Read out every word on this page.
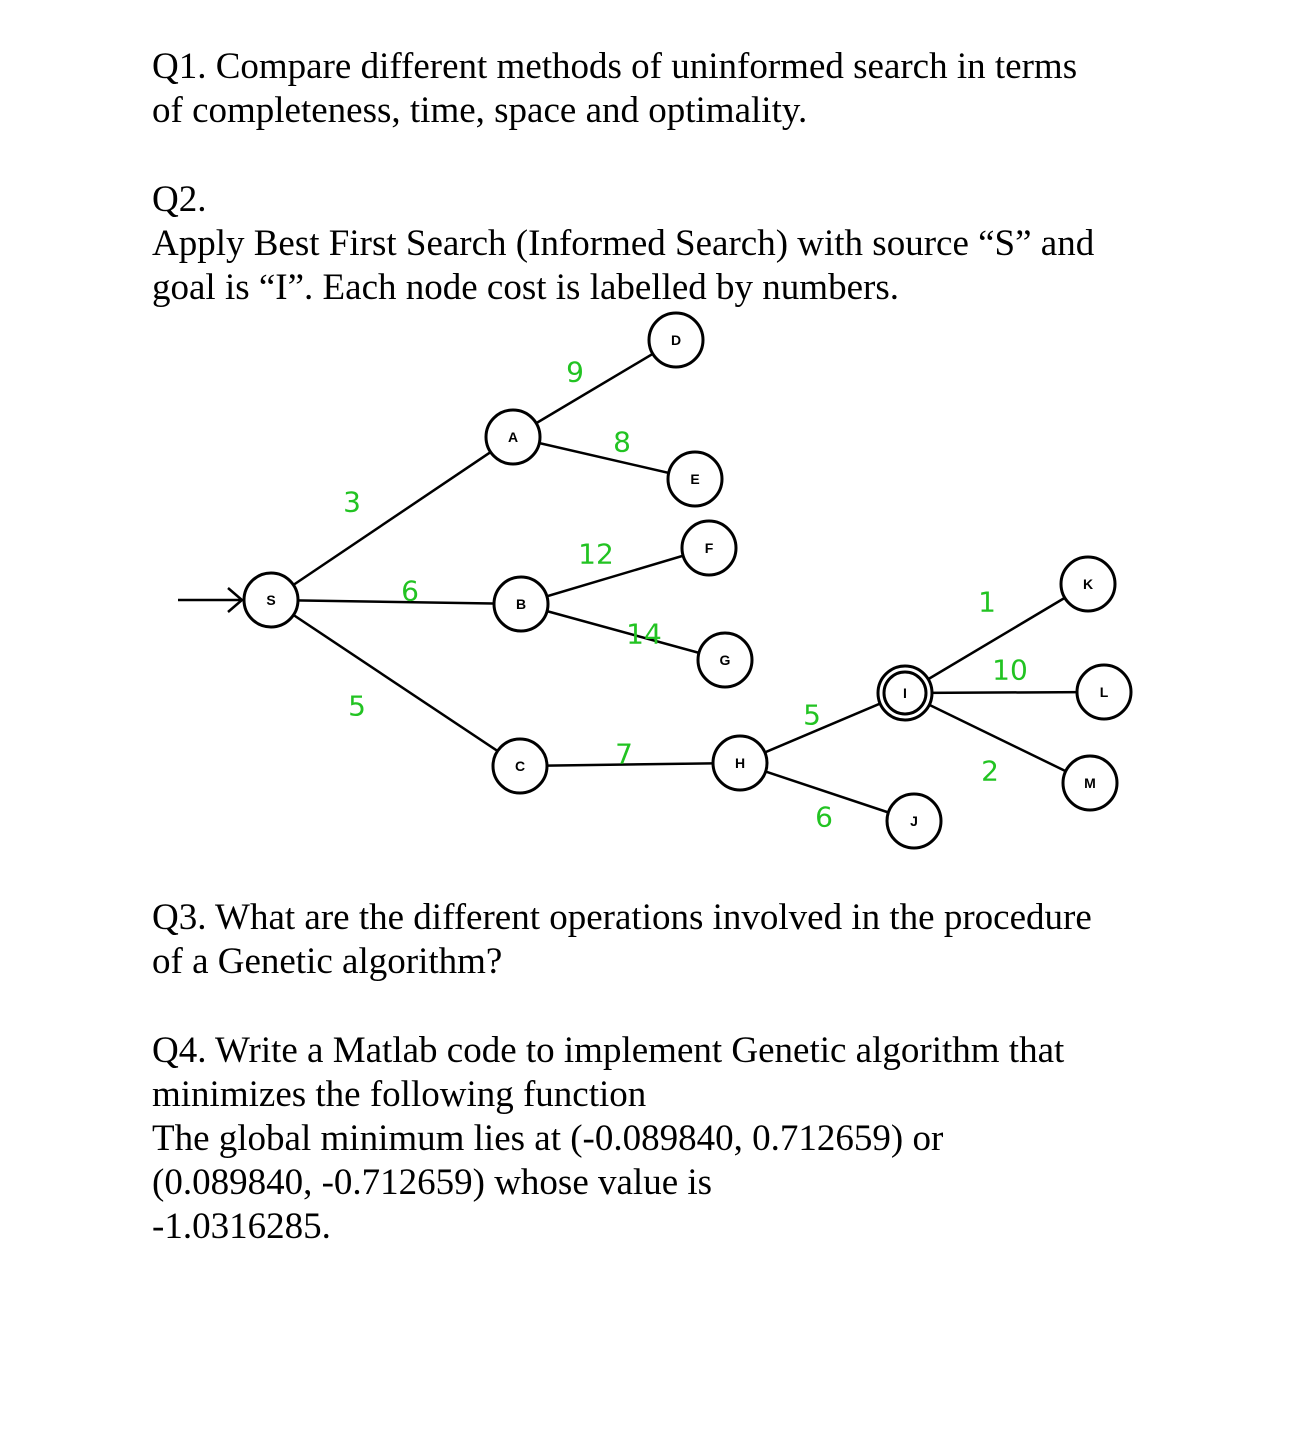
Q1. Compare different methods of uninformed search in terms
of completeness, time, space and optimality.
Q2.
Apply Best First Search (Informed Search) with source “S” and
goal is “I”. Each node cost is labelled by numbers.
3
6
5
9
8
12
14
7
5
6
1
10
2
S
A
B
C
D
E
F
G
H
I
J
K
L
M
Q3. What are the different operations involved in the procedure
of a Genetic algorithm?
Q4. Write a Matlab code to implement Genetic algorithm that
minimizes the following function
The global minimum lies at (-0.089840, 0.712659) or
(0.089840, -0.712659) whose value is
-1.0316285.
